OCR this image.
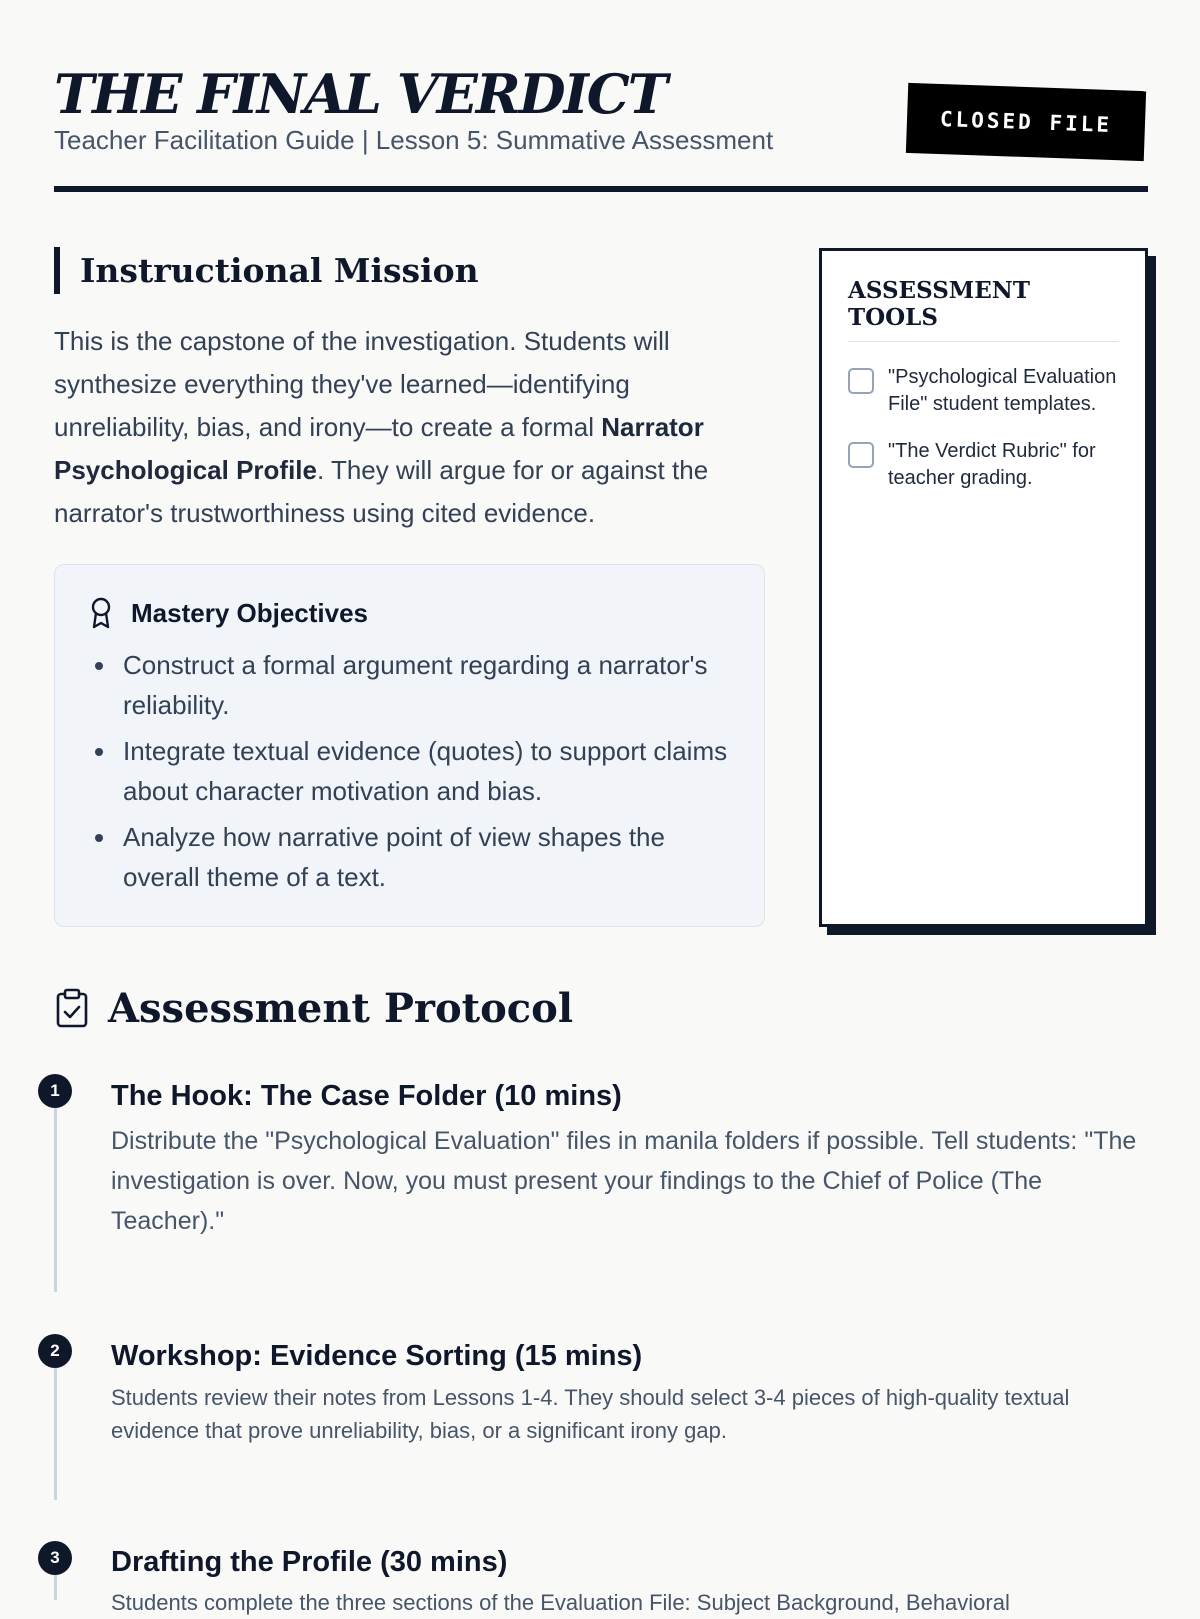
THE FINAL VERDICT
Teacher Facilitation Guide | Lesson 5: Summative Assessment
CLOSED FILE
Instructional Mission

This is the capstone of the investigation. Students will synthesize everything they've learned—identifying unreliability, bias, and irony—to create a formal Narrator Psychological Profile. They will argue for or against the narrator's trustworthiness using cited evidence.

Mastery Objectives
Construct a formal argument regarding a narrator's reliability.
Integrate textual evidence (quotes) to support claims about character motivation and bias.
Analyze how narrative point of view shapes the overall theme of a text.
ASSESSMENT TOOLS
"Psychological Evaluation File" student templates.
"The Verdict Rubric" for teacher grading.
Assessment Protocol
1	The Hook: The Case Folder (10 mins)
Distribute the "Psychological Evaluation" files in manila folders if possible. Tell students: "The investigation is over. Now, you must present your findings to the Chief of Police (The Teacher)."
2	Workshop: Evidence Sorting (15 mins)
Students review their notes from Lessons 1-4. They should select 3-4 pieces of high-quality textual evidence that prove unreliability, bias, or a significant irony gap.
3	Drafting the Profile (30 mins)
Students complete the three sections of the Evaluation File: Subject Background, Behavioral
